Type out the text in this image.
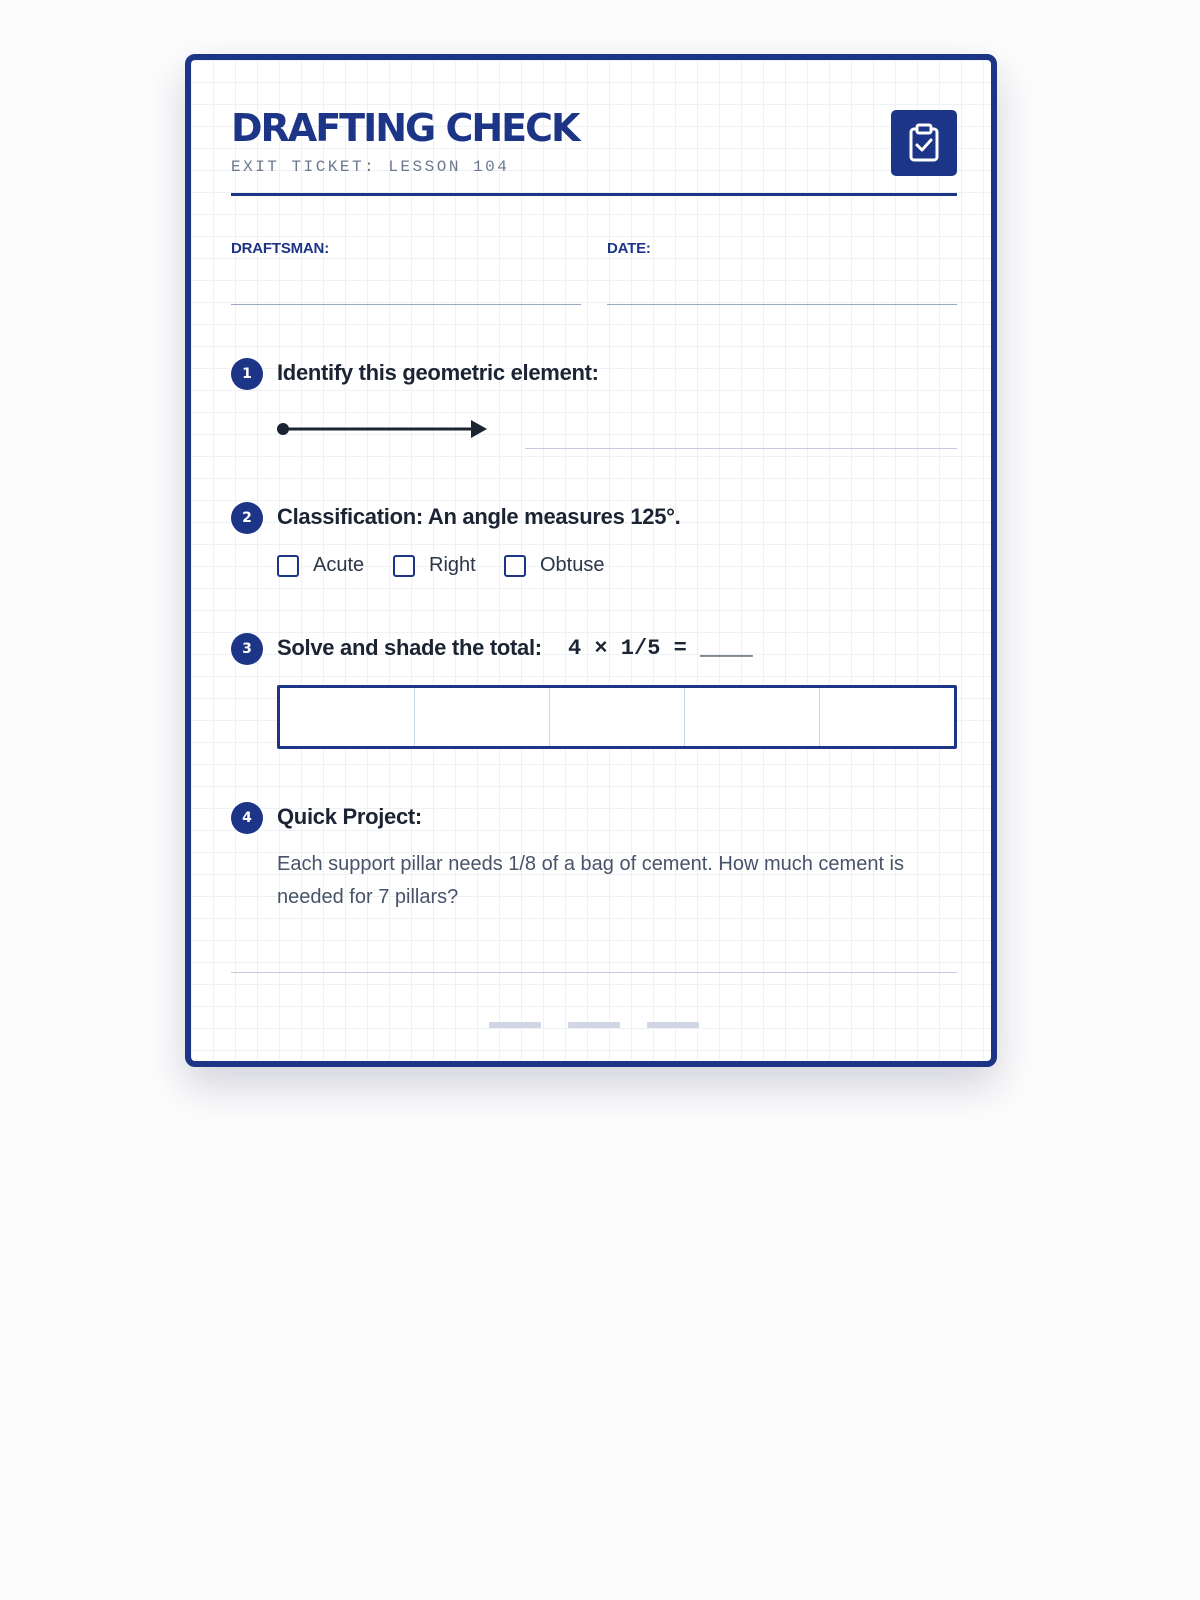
DRAFTING CHECK
EXIT TICKET: LESSON 104
DRAFTSMAN:	DATE:
1	Identify this geometric element:
2	Classification: An angle measures 125°.
Acute	Right	Obtuse
3	Solve and shade the total: 4 × 1/5 = ____
4	Quick Project:
Each support pillar needs 1/8 of a bag of cement. How much cement is needed for 7 pillars?
